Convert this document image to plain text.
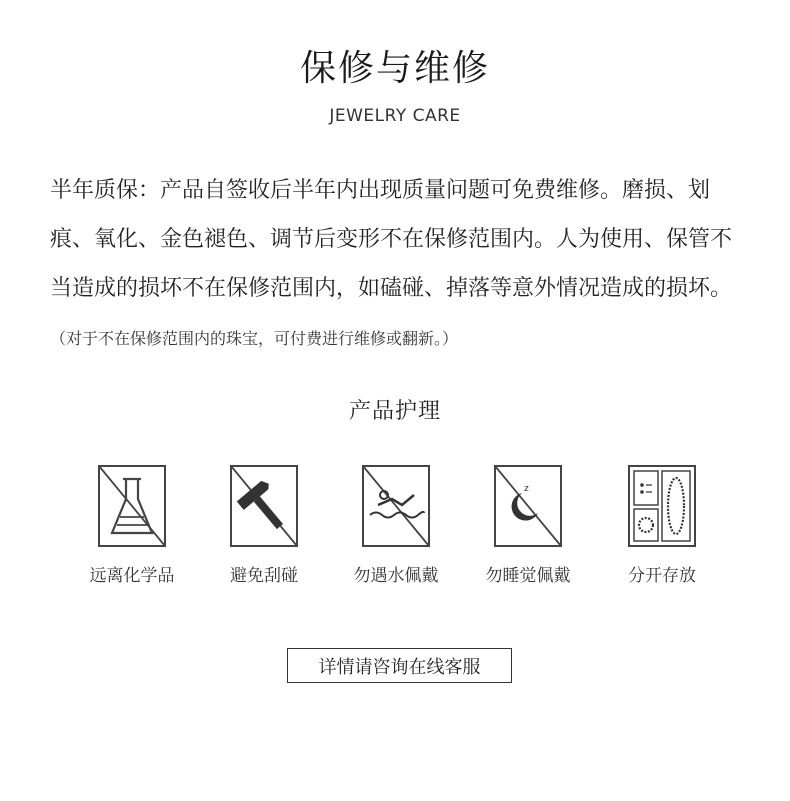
保修与维修
JEWELRY CARE

半年质保：产品自签收后半年内出现质量问题可免费维修。磨损、划痕、氧化、金色褪色、调节后变形不在保修范围内。人为使用、保管不当造成的损坏不在保修范围内，如磕碰、掉落等意外情况造成的损坏。（对于不在保修范围内的珠宝，可付费进行维修或翻新。）

产品护理
远离化学品	避免刮碰	勿遇水佩戴
z
勿睡觉佩戴	分开存放
详情请咨询在线客服
